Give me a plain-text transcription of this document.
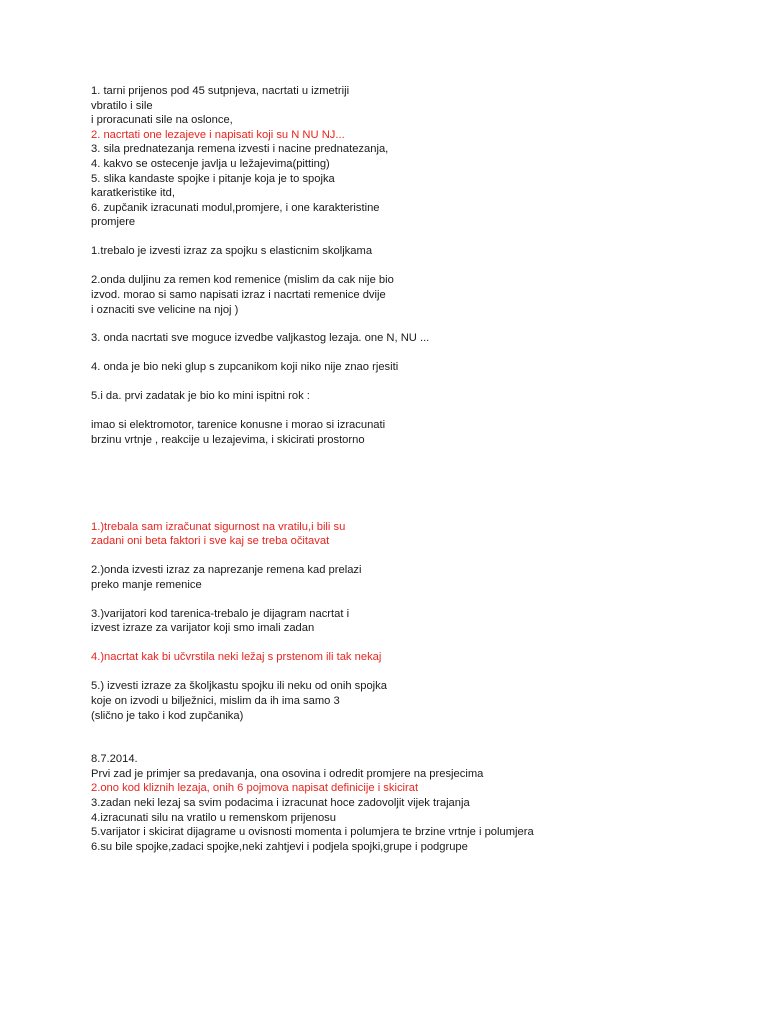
1. tarni prijenos pod 45 sutpnjeva, nacrtati u izmetriji
vbratilo i sile
i proracunati sile na oslonce,
2. nacrtati one lezajeve i napisati koji su N NU NJ...
3. sila prednatezanja remena izvesti i nacine prednatezanja,
4. kakvo se ostecenje javlja u ležajevima(pitting)
5. slika kandaste spojke i pitanje koja je to spojka
karatkeristike itd,
6. zupčanik izracunati modul,promjere, i one karakteristine
promjere
1.trebalo je izvesti izraz za spojku s elasticnim skoljkama
2.onda duljinu za remen kod remenice (mislim da cak nije bio
izvod. morao si samo napisati izraz i nacrtati remenice dvije
i oznaciti sve velicine na njoj )
3. onda nacrtati sve moguce izvedbe valjkastog lezaja. one N, NU ...
4. onda je bio neki glup s zupcanikom koji niko nije znao rjesiti
5.i da. prvi zadatak je bio ko mini ispitni rok :
imao si elektromotor, tarenice konusne i morao si izracunati
brzinu vrtnje , reakcije u lezajevima, i skicirati prostorno
1.)trebala sam izračunat sigurnost na vratilu,i bili su
zadani oni beta faktori i sve kaj se treba očitavat
2.)onda izvesti izraz za naprezanje remena kad prelazi
preko manje remenice
3.)varijatori kod tarenica-trebalo je dijagram nacrtat i
izvest izraze za varijator koji smo imali zadan
4.)nacrtat kak bi učvrstila neki ležaj s prstenom ili tak nekaj
5.) izvesti izraze za školjkastu spojku ili neku od onih spojka
koje on izvodi u bilježnici, mislim da ih ima samo 3
(slično je tako i kod zupčanika)
8.7.2014.
Prvi zad je primjer sa predavanja, ona osovina i odredit promjere na presjecima
2.ono kod kliznih lezaja, onih 6 pojmova napisat definicije i skicirat
3.zadan neki lezaj sa svim podacima i izracunat hoce zadovoljit vijek trajanja
4.izracunati silu na vratilo u remenskom prijenosu
5.varijator i skicirat dijagrame u ovisnosti momenta i polumjera te brzine vrtnje i polumjera
6.su bile spojke,zadaci spojke,neki zahtjevi i podjela spojki,grupe i podgrupe
